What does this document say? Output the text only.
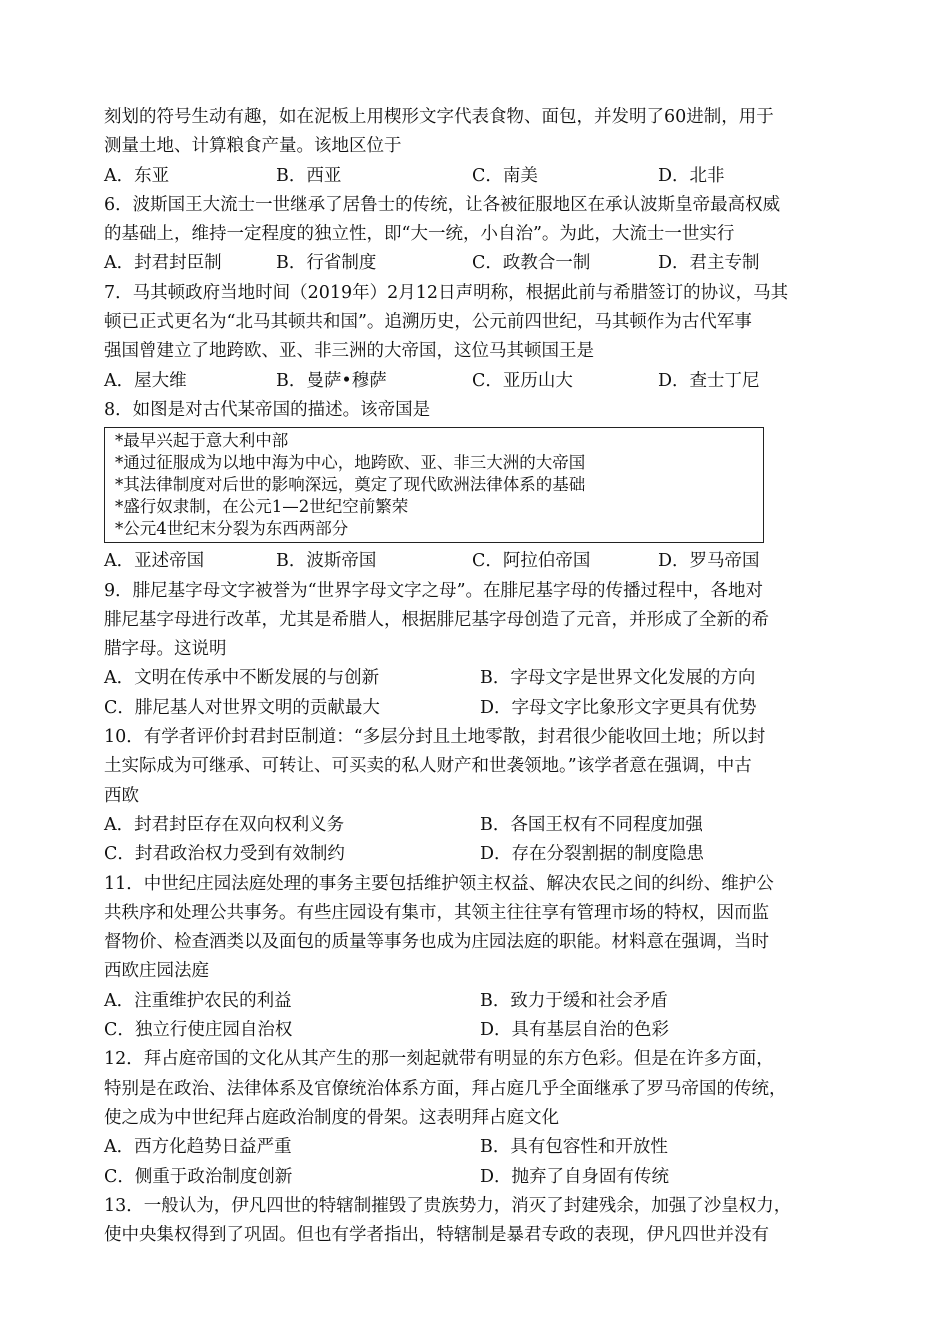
刻划的符号生动有趣，如在泥板上用楔形文字代表食物、面包，并发明了60进制，用于

测量土地、计算粮食产量。该地区位于

A．东亚	B．西亚	C．南美	D．北非

6．波斯国王大流士一世继承了居鲁士的传统，让各被征服地区在承认波斯皇帝最高权威

的基础上，维持一定程度的独立性，即“大一统，小自治”。为此，大流士一世实行

A．封君封臣制	B．行省制度	C．政教合一制	D．君主专制

7．马其顿政府当地时间（2019年）2月12日声明称，根据此前与希腊签订的协议，马其

顿已正式更名为“北马其顿共和国”。追溯历史，公元前四世纪，马其顿作为古代军事

强国曾建立了地跨欧、亚、非三洲的大帝国，这位马其顿国王是

A．屋大维	B．曼萨•穆萨	C．亚历山大	D．查士丁尼

8．如图是对古代某帝国的描述。该帝国是

*最早兴起于意大利中部
*通过征服成为以地中海为中心，地跨欧、亚、非三大洲的大帝国
*其法律制度对后世的影响深远，奠定了现代欧洲法律体系的基础
*盛行奴隶制，在公元1—2世纪空前繁荣
*公元4世纪末分裂为东西两部分
A．亚述帝国	B．波斯帝国	C．阿拉伯帝国	D．罗马帝国

9．腓尼基字母文字被誉为“世界字母文字之母”。在腓尼基字母的传播过程中，各地对

腓尼基字母进行改革，尤其是希腊人，根据腓尼基字母创造了元音，并形成了全新的希

腊字母。这说明

A．文明在传承中不断发展的与创新	B．字母文字是世界文化发展的方向
C．腓尼基人对世界文明的贡献最大	D．字母文字比象形文字更具有优势

10．有学者评价封君封臣制道：“多层分封且土地零散，封君很少能收回土地；所以封

土实际成为可继承、可转让、可买卖的私人财产和世袭领地。”该学者意在强调，中古

西欧

A．封君封臣存在双向权利义务	B．各国王权有不同程度加强
C．封君政治权力受到有效制约	D．存在分裂割据的制度隐患

11．中世纪庄园法庭处理的事务主要包括维护领主权益、解决农民之间的纠纷、维护公

共秩序和处理公共事务。有些庄园设有集市，其领主往往享有管理市场的特权，因而监

督物价、检查酒类以及面包的质量等事务也成为庄园法庭的职能。材料意在强调，当时

西欧庄园法庭

A．注重维护农民的利益	B．致力于缓和社会矛盾
C．独立行使庄园自治权	D．具有基层自治的色彩

12．拜占庭帝国的文化从其产生的那一刻起就带有明显的东方色彩。但是在许多方面，

特别是在政治、法律体系及官僚统治体系方面，拜占庭几乎全面继承了罗马帝国的传统，

使之成为中世纪拜占庭政治制度的骨架。这表明拜占庭文化

A．西方化趋势日益严重	B．具有包容性和开放性
C．侧重于政治制度创新	D．抛弃了自身固有传统

13．一般认为，伊凡四世的特辖制摧毁了贵族势力，消灭了封建残余，加强了沙皇权力，

使中央集权得到了巩固。但也有学者指出，特辖制是暴君专政的表现，伊凡四世并没有
